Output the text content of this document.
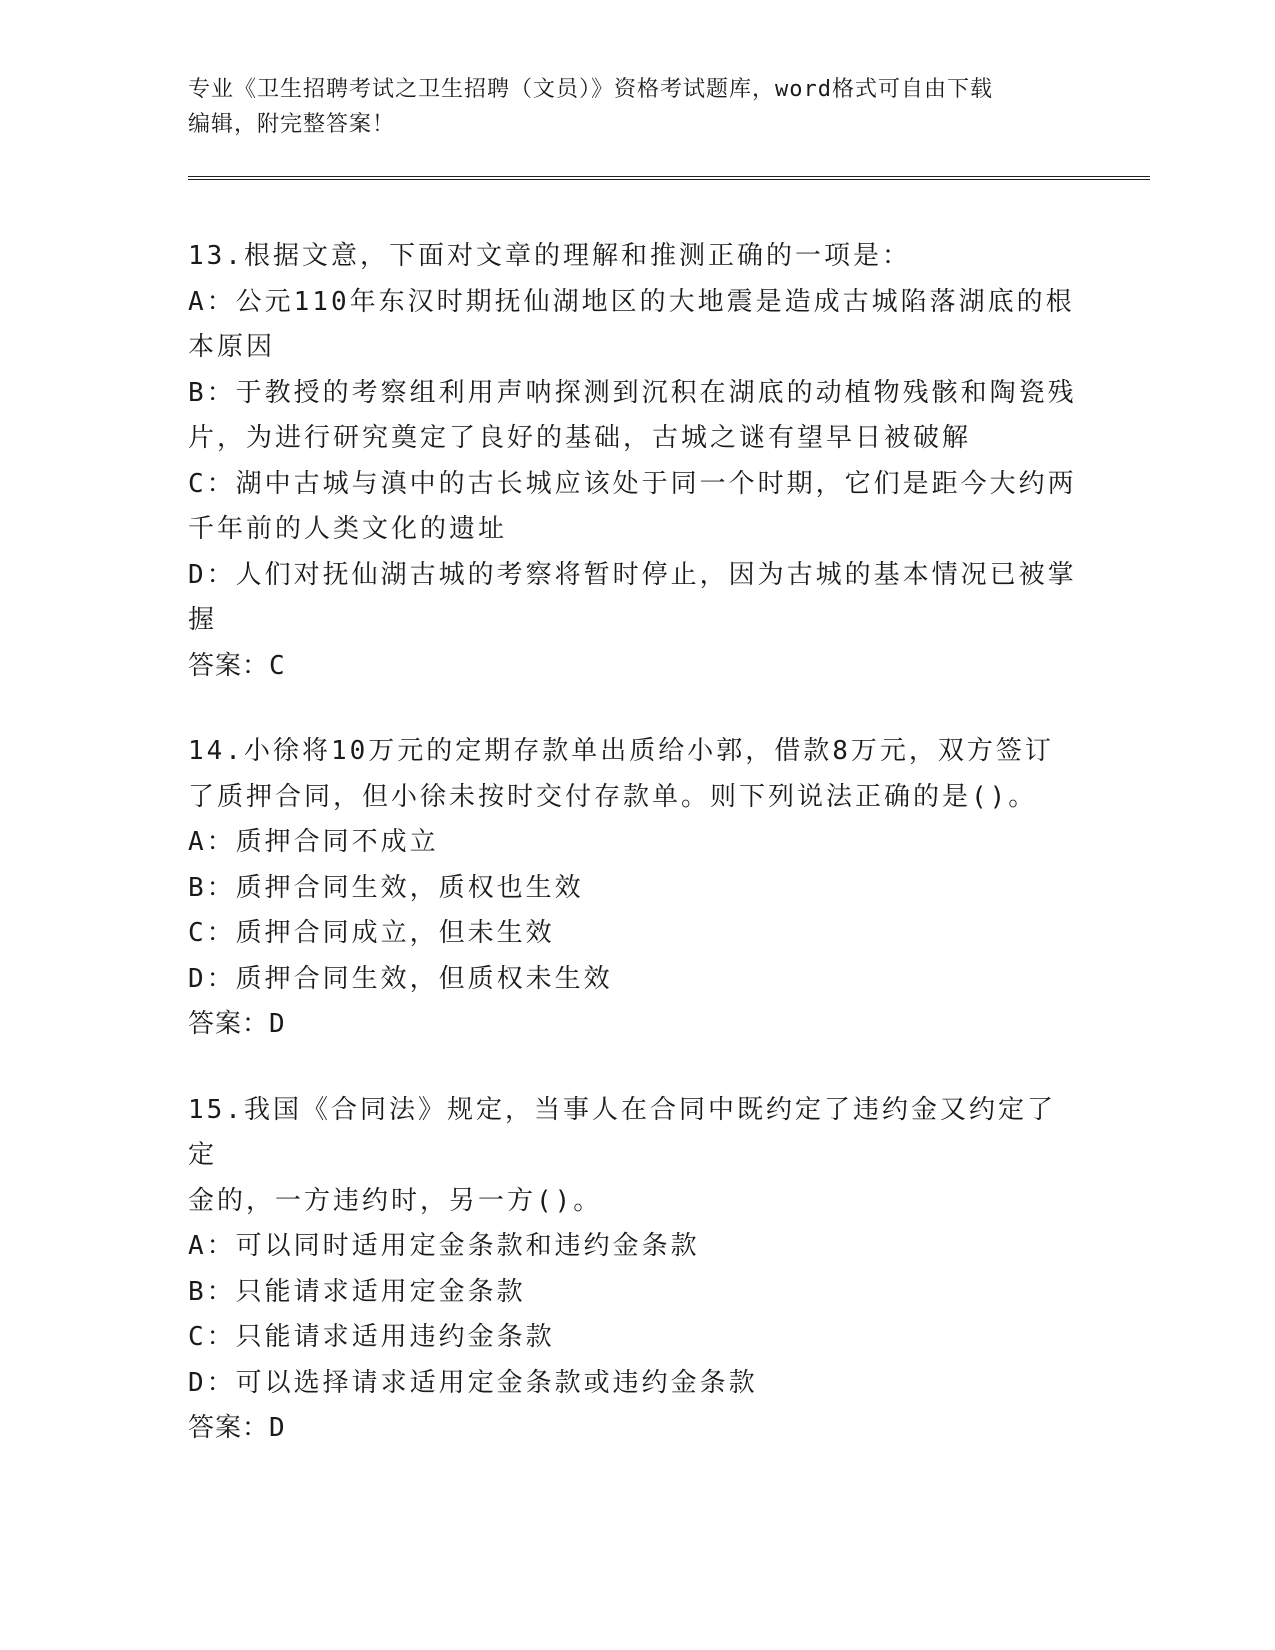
专业《卫生招聘考试之卫生招聘（文员）》资格考试题库，word格式可自由下载
编辑，附完整答案！
13.根据文意，下面对文章的理解和推测正确的一项是：
A：公元110年东汉时期抚仙湖地区的大地震是造成古城陷落湖底的根
本原因
B：于教授的考察组利用声呐探测到沉积在湖底的动植物残骸和陶瓷残
片，为进行研究奠定了良好的基础，古城之谜有望早日被破解
C：湖中古城与滇中的古长城应该处于同一个时期，它们是距今大约两
千年前的人类文化的遗址
D：人们对抚仙湖古城的考察将暂时停止，因为古城的基本情况已被掌
握
答案：C
14.小徐将10万元的定期存款单出质给小郭，借款8万元，双方签订
了质押合同，但小徐未按时交付存款单。则下列说法正确的是()。
A：质押合同不成立
B：质押合同生效，质权也生效
C：质押合同成立，但未生效
D：质押合同生效，但质权未生效
答案：D
15.我国《合同法》规定，当事人在合同中既约定了违约金又约定了定
金的，一方违约时，另一方()。
A：可以同时适用定金条款和违约金条款
B：只能请求适用定金条款
C：只能请求适用违约金条款
D：可以选择请求适用定金条款或违约金条款
答案：D
